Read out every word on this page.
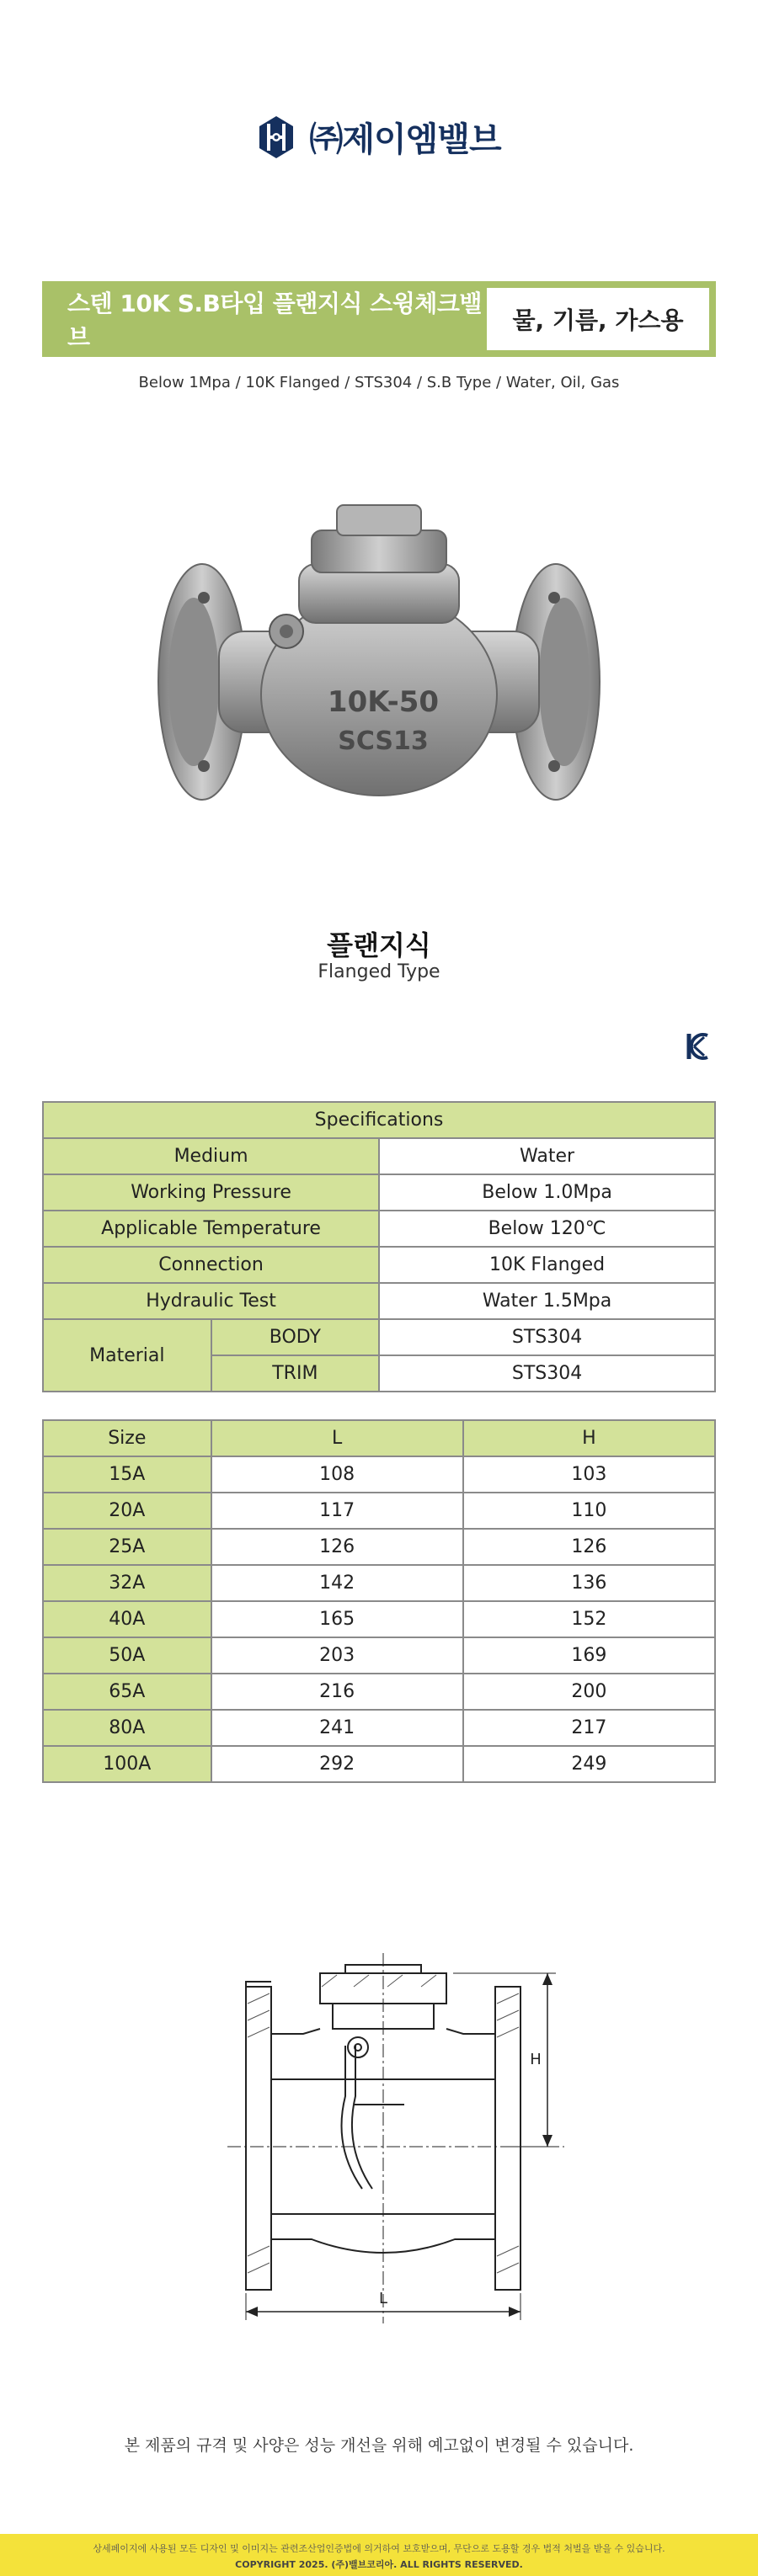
㈜제이엠밸브
스텐 10K S.B타입 플랜지식 스윙체크밸브
물, 기름, 가스용
Below 1Mpa / 10K Flanged / STS304 / S.B Type / Water, Oil, Gas
10K-50
SCS13
플랜지식
Flanged Type
Specifications		
Medium		Water
Working Pressure		Below 1.0Mpa
Applicable Temperature		Below 120℃
Connection		10K Flanged
Hydraulic Test		Water 1.5Mpa
Material	BODY	STS304
	TRIM	STS304
Size	L	H
15A	108	103
20A	117	110
25A	126	126
32A	142	136
40A	165	152
50A	203	169
65A	216	200
80A	241	217
100A	292	249
H
L
본 제품의 규격 및 사양은 성능 개선을 위해 예고없이 변경될 수 있습니다.
상세페이지에 사용된 모든 디자인 및 이미지는 관련조산업인증법에 의거하여 보호받으며, 무단으로 도용할 경우 법적 처벌을 받을 수 있습니다.
COPYRIGHT 2025. (주)밸브코리아. ALL RIGHTS RESERVED.
